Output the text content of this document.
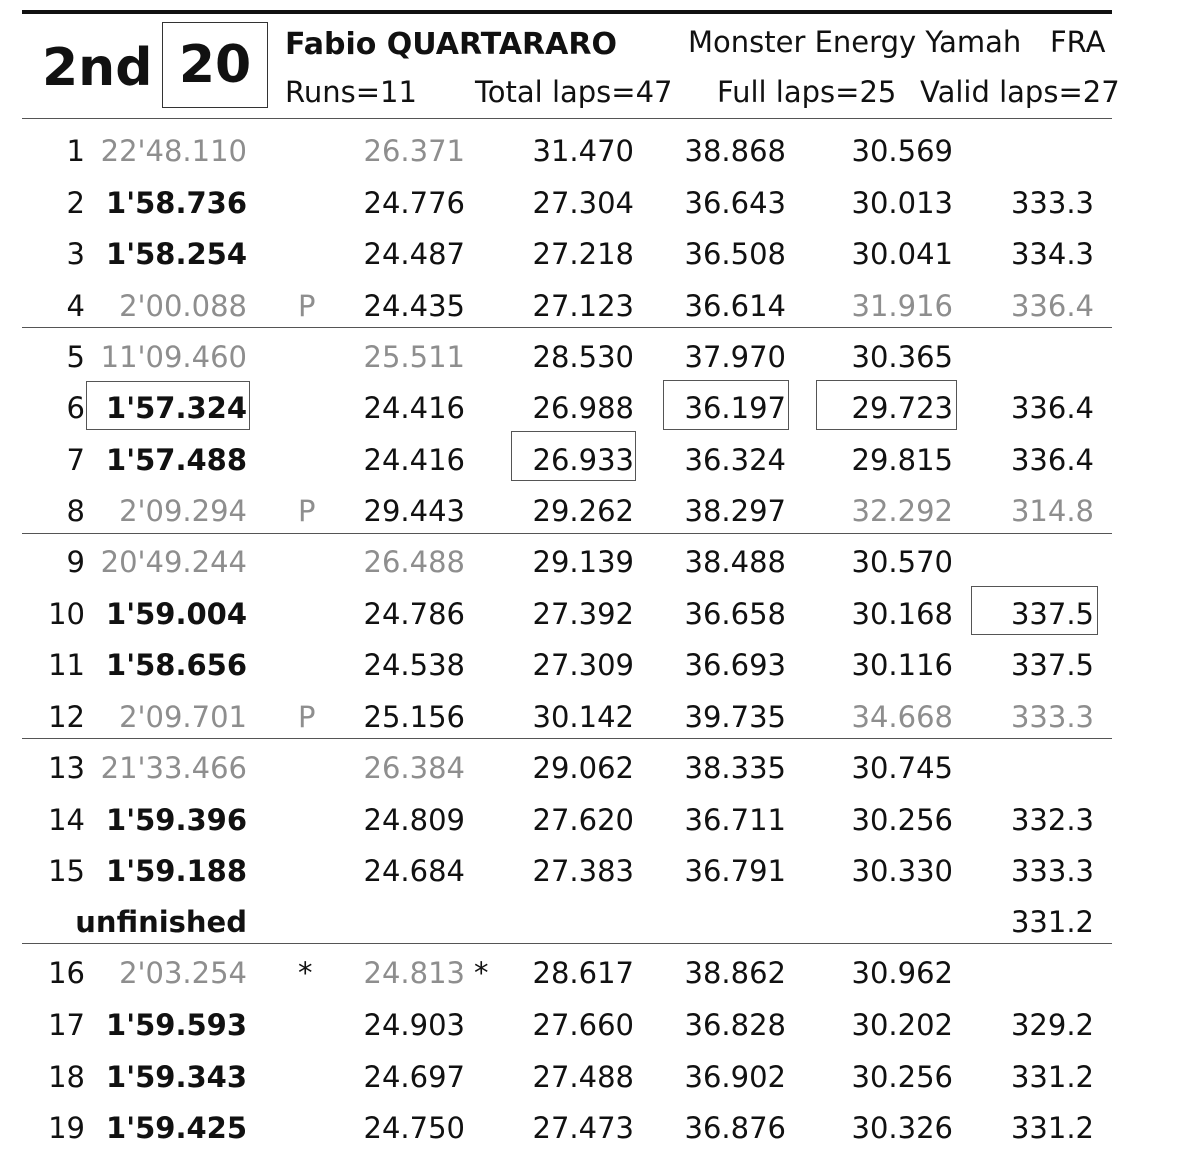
2nd 20 Fabio QUARTARARO Monster Energy Yamah FRA
Runs=11 Total laps=47 Full laps=25 Valid laps=27
1 22'48.110	26.371 31.470 38.868 30.569
2 1'58.736	24.776 27.304 36.643 30.013 333.3
3 1'58.254	24.487 27.218 36.508 30.041 334.3
4 2'00.088 P 24.435 27.123 36.614 31.916 336.4
5 11'09.460	25.511 28.530 37.970 30.365
6 1'57.324	24.416 26.988 36.197 29.723 336.4
7 1'57.488	24.416 26.933 36.324 29.815 336.4
8 2'09.294 P 29.443 29.262 38.297 32.292 314.8
9 20'49.244	26.488 29.139 38.488 30.570
10 1'59.004	24.786 27.392 36.658 30.168 337.5
11 1'58.656	24.538 27.309 36.693 30.116 337.5
12 2'09.701 P 25.156 30.142 39.735 34.668 333.3
13 21'33.466	26.384 29.062 38.335 30.745
14 1'59.396	24.809 27.620 36.711 30.256 332.3
15 1'59.188	24.684 27.383 36.791 30.330 333.3
unfinished	331.2
16 2'03.254 * 24.813 * 28.617 38.862 30.962
17 1'59.593	24.903 27.660 36.828 30.202 329.2
18 1'59.343	24.697 27.488 36.902 30.256 331.2
19 1'59.425	24.750 27.473 36.876 30.326 331.2
